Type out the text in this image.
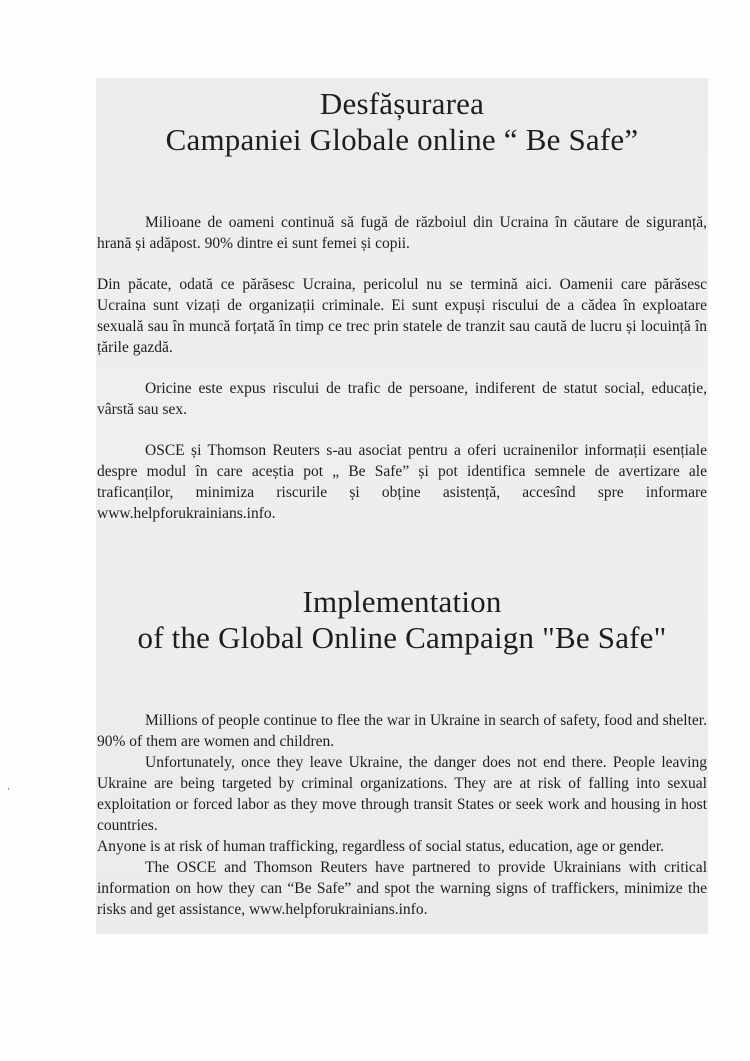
,
Desfășurarea
Campaniei Globale online “ Be Safe”

Milioane de oameni continuă să fugă de războiul din Ucraina în căutare de siguranță, hrană și adăpost. 90% dintre ei sunt femei și copii.

Din păcate, odată ce părăsesc Ucraina, pericolul nu se termină aici. Oamenii care părăsesc Ucraina sunt vizați de organizații criminale. Ei sunt expuși riscului de a cădea în exploatare sexuală sau în muncă forțată în timp ce trec prin statele de tranzit sau caută de lucru și locuință în țările gazdă.

Oricine este expus riscului de trafic de persoane, indiferent de statut social, educație, vârstă sau sex.

OSCE și Thomson Reuters s-au asociat pentru a oferi ucrainenilor informații esențiale despre modul în care aceștia pot „ Be Safe” și pot identifica semnele de avertizare ale traficanților, minimiza riscurile și obține asistență, accesînd spre informare www.helpforukrainians.info.

Implementation
of the Global Online Campaign "Be Safe"

Millions of people continue to flee the war in Ukraine in search of safety, food and shelter. 90% of them are women and children.

Unfortunately, once they leave Ukraine, the danger does not end there. People leaving Ukraine are being targeted by criminal organizations. They are at risk of falling into sexual exploitation or forced labor as they move through transit States or seek work and housing in host countries.

Anyone is at risk of human trafficking, regardless of social status, education, age or gender.

The OSCE and Thomson Reuters have partnered to provide Ukrainians with critical information on how they can “Be Safe” and spot the warning signs of traffickers, minimize the risks and get assistance, www.helpforukrainians.info.
